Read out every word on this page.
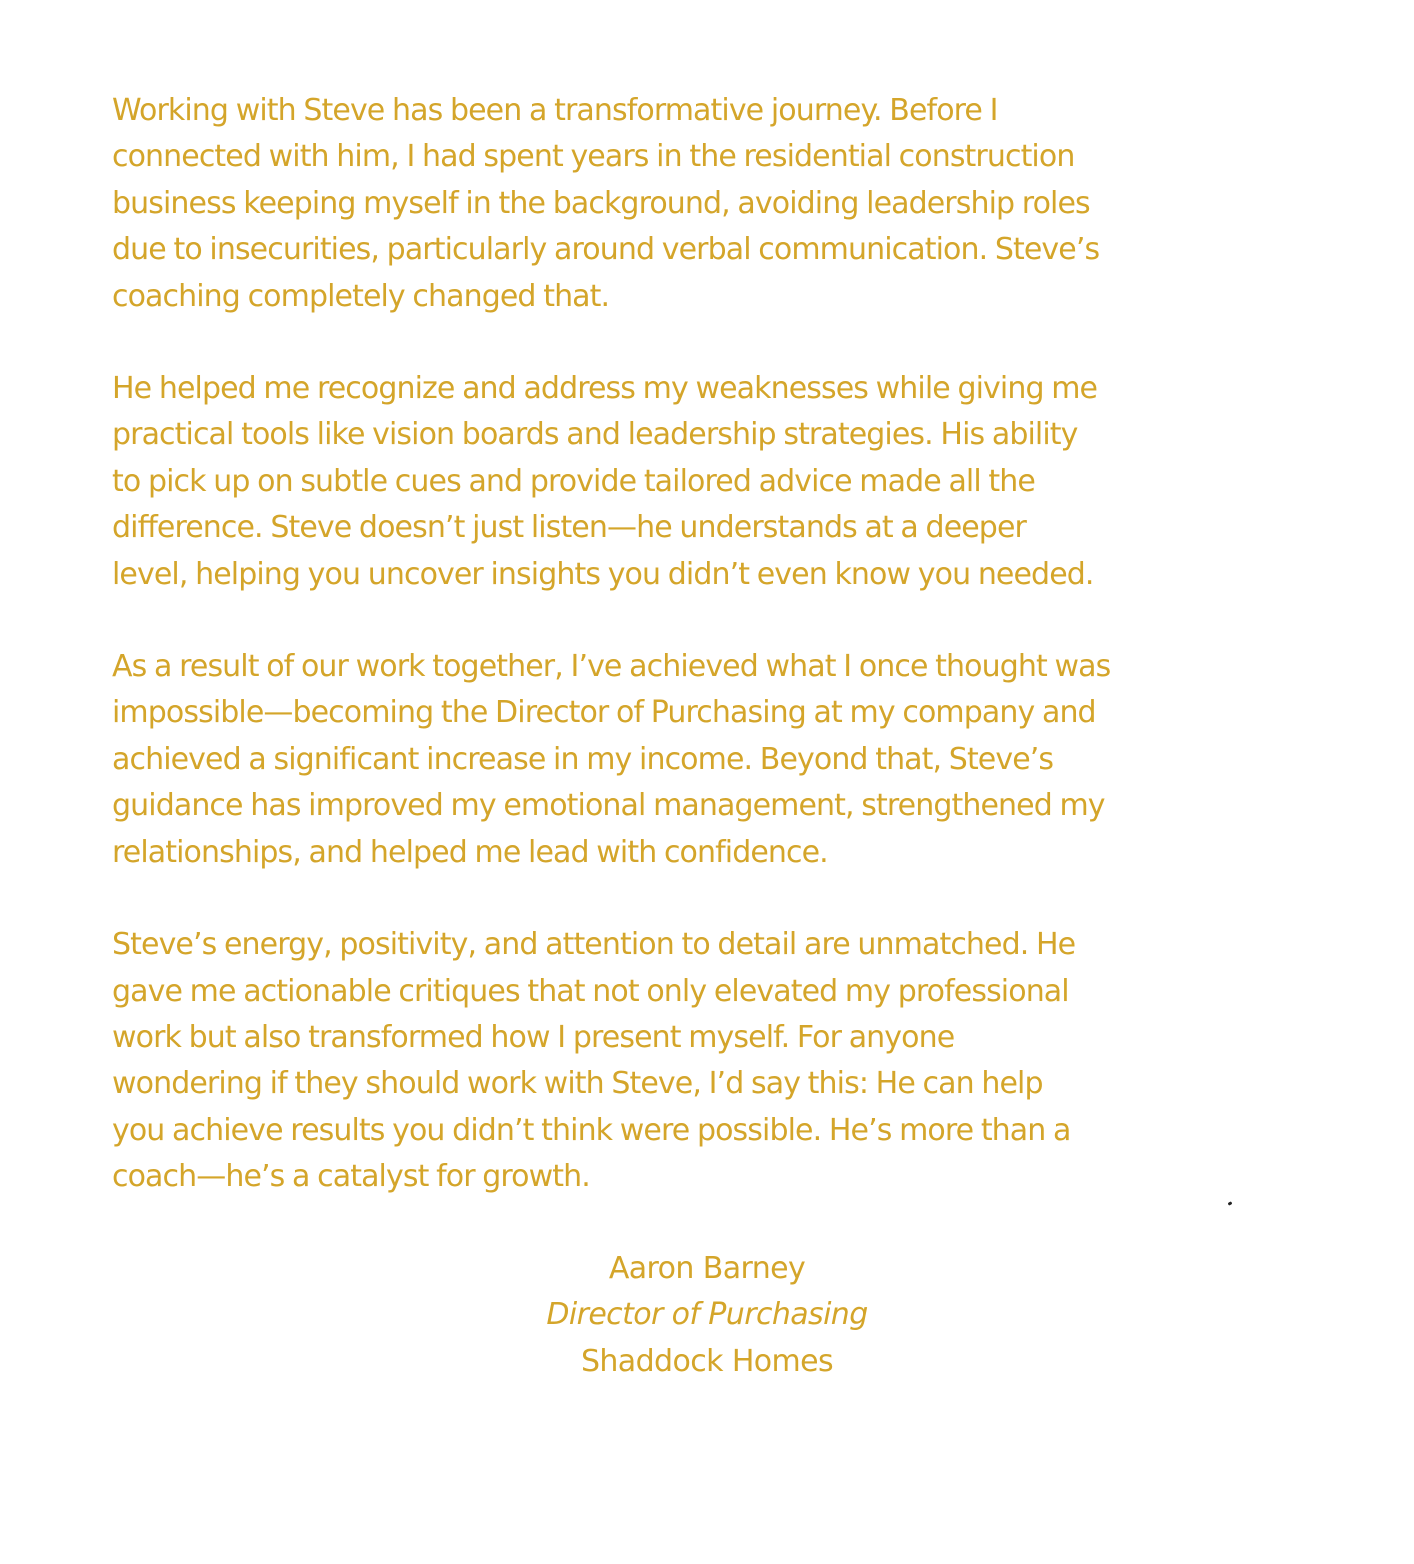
Working with Steve has been a transformative journey. Before I
connected with him, I had spent years in the residential construction
business keeping myself in the background, avoiding leadership roles
due to insecurities, particularly around verbal communication. Steve’s
coaching completely changed that.

He helped me recognize and address my weaknesses while giving me
practical tools like vision boards and leadership strategies. His ability
to pick up on subtle cues and provide tailored advice made all the
difference. Steve doesn’t just listen—he understands at a deeper
level, helping you uncover insights you didn’t even know you needed.

As a result of our work together, I’ve achieved what I once thought was
impossible—becoming the Director of Purchasing at my company and
achieved a significant increase in my income. Beyond that, Steve’s
guidance has improved my emotional management, strengthened my
relationships, and helped me lead with confidence.

Steve’s energy, positivity, and attention to detail are unmatched. He
gave me actionable critiques that not only elevated my professional
work but also transformed how I present myself. For anyone
wondering if they should work with Steve, I’d say this: He can help
you achieve results you didn’t think were possible. He’s more than a
coach—he’s a catalyst for growth.

Aaron Barney
Director of Purchasing
Shaddock Homes
